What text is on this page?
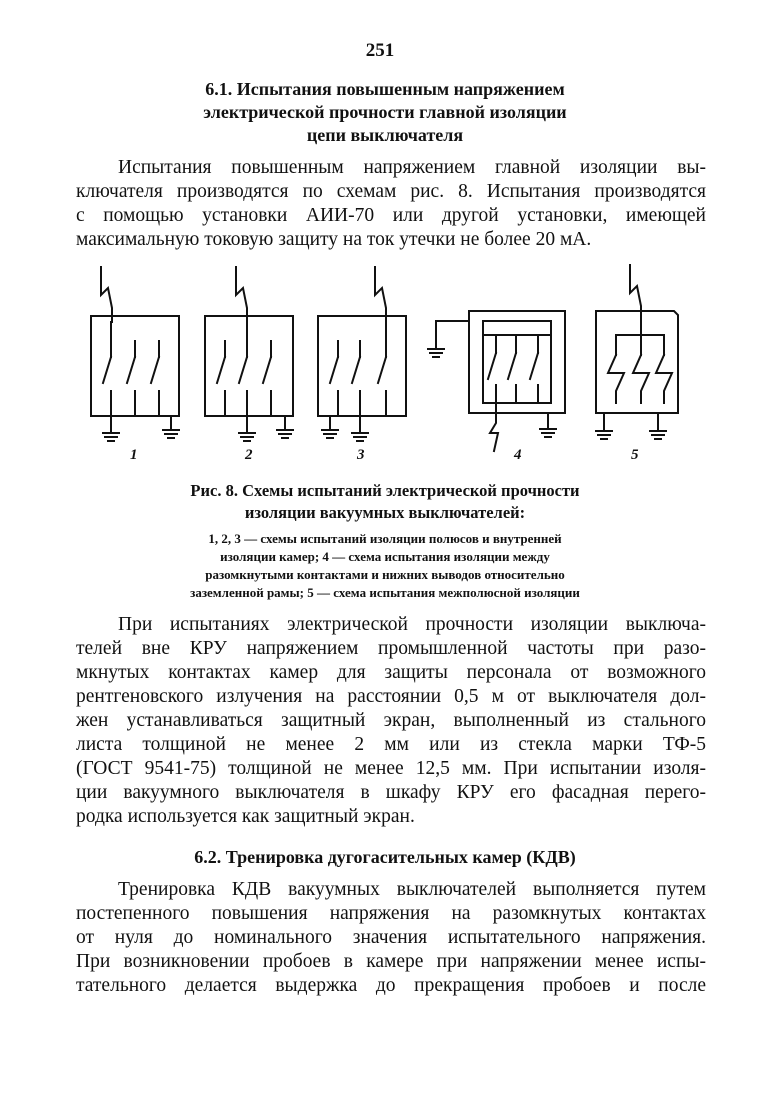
251
6.1. Испытания повышенным напряжением
электрической прочности главной изоляции
цепи выключателя
Испытания повышенным напряжением главной изоляции вы-
ключателя производятся по схемам рис. 8. Испытания производятся
с помощью установки АИИ-70 или другой установки, имеющей
максимальную токовую защиту на ток утечки не более 20 мА.
1	2	3	4	5
Рис. 8. Схемы испытаний электрической прочности
изоляции вакуумных выключателей:
1, 2, 3 — схемы испытаний изоляции полюсов и внутренней
изоляции камер; 4 — схема испытания изоляции между
разомкнутыми контактами и нижних выводов относительно
заземленной рамы; 5 — схема испытания межполюсной изоляции
При испытаниях электрической прочности изоляции выключа-
телей вне КРУ напряжением промышленной частоты при разо-
мкнутых контактах камер для защиты персонала от возможного
рентгеновского излучения на расстоянии 0,5 м от выключателя дол-
жен устанавливаться защитный экран, выполненный из стального
листа толщиной не менее 2 мм или из стекла марки ТФ-5
(ГОСТ 9541-75) толщиной не менее 12,5 мм. При испытании изоля-
ции вакуумного выключателя в шкафу КРУ его фасадная перего-
родка используется как защитный экран.
6.2. Тренировка дугогасительных камер (КДВ)
Тренировка КДВ вакуумных выключателей выполняется путем
постепенного повышения напряжения на разомкнутых контактах
от нуля до номинального значения испытательного напряжения.
При возникновении пробоев в камере при напряжении менее испы-
тательного делается выдержка до прекращения пробоев и после
